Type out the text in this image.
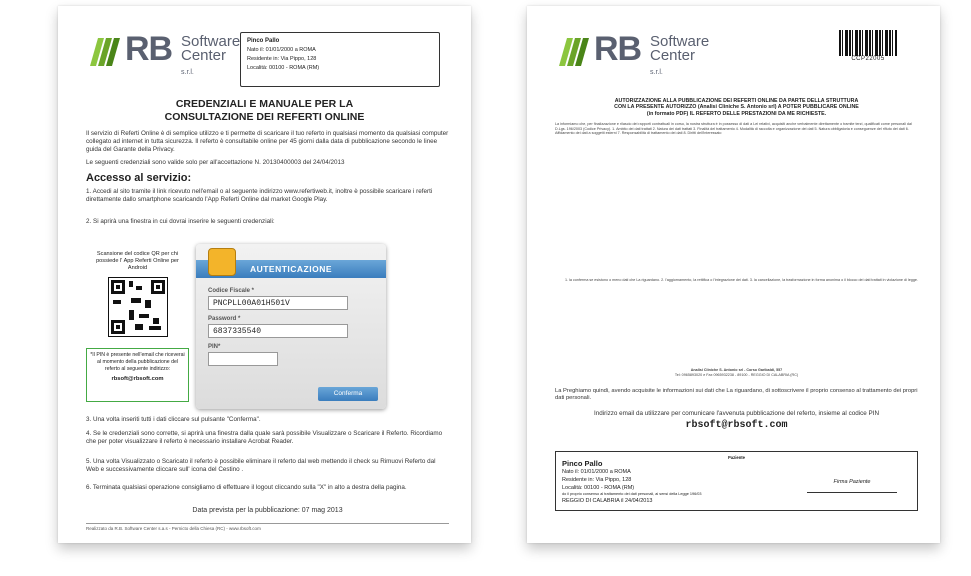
RB Software
Center s.r.l.
Pinco Pallo
Nato il: 01/01/2000 a ROMA
Residente in: Via Pippo, 128
Località: 00100 - ROMA (RM)
CREDENZIALI E MANUALE PER LA
CONSULTAZIONE DEI REFERTI ONLINE
Il servizio di Referti Online è di semplice utilizzo e ti permette di scaricare il tuo referto in qualsiasi momento da qualsiasi computer collegato ad internet in tutta sicurezza. Il referto è consultabile online per 45 giorni dalla data di pubblicazione secondo le linee guida del Garante della Privacy.
Le seguenti credenziali sono valide solo per all'accettazione N. 20130400003 del 24/04/2013
Accesso al servizio:
1. Accedi al sito tramite il link ricevuto nell'email o al seguente indirizzo www.refertiweb.it, inoltre è possibile scaricare i referti direttamente dallo smartphone scaricando l'App Referti Online dal market Google Play.
2. Si aprirà una finestra in cui dovrai inserire le seguenti credenziali:
Scansione del codice QR per chi possiede l' App Referti Online per Android
*Il PIN è presente nell'email che riceverai al momento della pubblicazione del referto al seguente indirizzo:
rbsoft@rbsoft.com
AUTENTICAZIONE
Codice Fiscale *
PNCPLL00A01H501V
Password *
6837335540
PIN*
Conferma
3. Una volta inseriti tutti i dati cliccare sul pulsante "Conferma".
4. Se le credenziali sono corrette, si aprirà una finestra dalla quale sarà possibile Visualizzare o Scaricare il Referto. Ricordiamo che per poter visualizzare il referto è necessario installare Acrobat Reader.
5. Una volta Visualizzato o Scaricato il referto è possibile eliminare il referto dal web mettendo il check su Rimuovi Referto dal Web e successivamente cliccare sull' icona del Cestino .
6. Terminata qualsiasi operazione consigliamo di effettuare il logout cliccando sulla "X" in alto a destra della pagina.
Data prevista per la pubblicazione: 07 mag 2013
Realizzato da R.B. Software Center s.a.s - Pernicto della Chiesa (RC) - www.rbsoft.com
RB Software
Center s.r.l.
CCP22005
AUTORIZZAZIONE ALLA PUBBLICAZIONE DEI REFERTI ONLINE DA PARTE DELLA STRUTTURA
CON LA PRESENTE AUTORIZZO (Analisi Cliniche S. Antonio srl) A POTER PUBBLICARE ONLINE
(in formato PDF) IL REFERTO DELLE PRESTAZIONI DA ME RICHIESTE.
La informiamo che, per finalizzazione e rilascio dei rapporti contrattuali in corso, la nostra struttura è in possesso di dati a Lei relativi, acquisiti anche verbalmente direttamente o tramite terzi, qualificati come personali dal D.Lgs. 196/2003 (Codice Privacy). 1. Ambito dei dati trattati 2. Natura dei dati trattati 3. Finalità del trattamento 4. Modalità di raccolta e organizzazione dei dati 5. Natura obbligatoria e conseguenze del rifiuto dei dati 6. Affidamento dei dati a soggetti esterni 7. Responsabilità di trattamento dei dati 8. Diritti dell'interessato
1. la conferma se esistono o meno dati che La riguardano. 2. l'aggiornamento, la rettifica o l'integrazione dei dati. 3. la cancellazione, la trasformazione in forma anonima o il blocco dei dati trattati in violazione di legge.
Analisi Cliniche S. Antonio srl - Corso Garibaldi, 557
Tel: 0965893020 e Fax 0965932238 - 89100 - REGGIO DI CALABRIA (RC)
La Preghiamo quindi, avendo acquisite le informazioni sui dati che La riguardano, di sottoscrivere il proprio consenso al trattamento dei propri dati personali.
Indirizzo email da utilizzare per comunicare l'avvenuta pubblicazione del referto, insieme al codice PIN
rbsoft@rbsoft.com
Paziente
Pinco Pallo
Nato il: 01/01/2000 a ROMA
Residente in: Via Pippo, 128
Località: 00100 - ROMA (RM)
do il proprio consenso al trattamento dei dati personali, ai sensi della Legge 196/03
REGGIO DI CALABRIA il 24/04/2013
Firma Paziente
